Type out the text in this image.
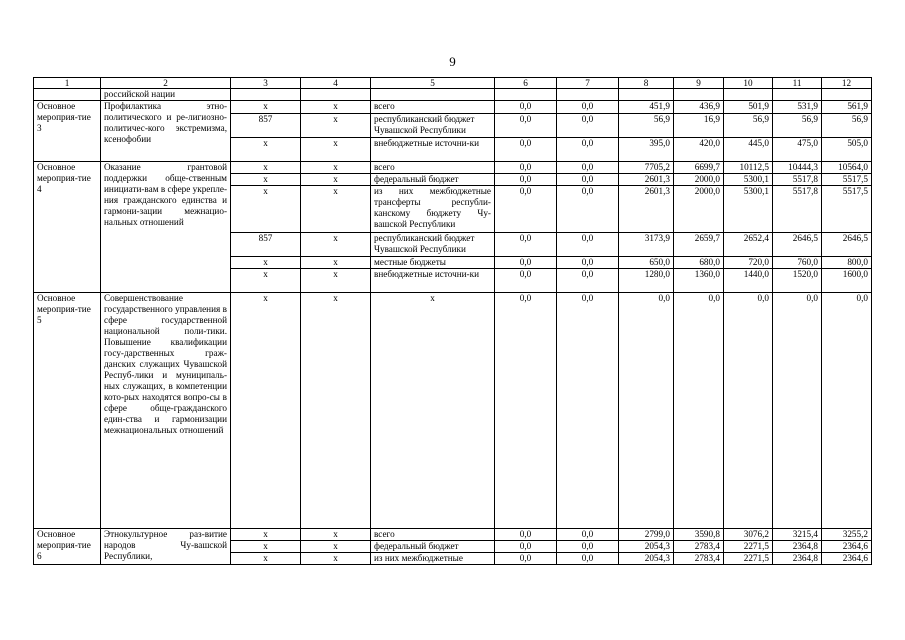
9
1	2	3	4	5	6	7	8	9	10	11	12
	российской нации										
Основное мероприя-тие 3	Профилактика этно-политического и ре-лигиозно-политичес-кого экстремизма, ксенофобии	х	х	всего	0,0	0,0	451,9	436,9	501,9	531,9	561,9
		857	х	республиканский бюджет Чувашской Республики	0,0	0,0	56,9	16,9	56,9	56,9	56,9
		х	х	внебюджетные источни-ки	0,0	0,0	395,0	420,0	445,0	475,0	505,0
Основное мероприя-тие 4	Оказание грантовой поддержки обще-ственным инициати-вам в сфере укрепле-ния гражданского единства и гармони-зации межнацио-нальных отношений	х	х	всего	0,0	0,0	7705,2	6699,7	10112,5	10444,3	10564,0
		х	х	федеральный бюджет	0,0	0,0	2601,3	2000,0	5300,1	5517,8	5517,5
		х	х	из них межбюджетные трансферты республи-канскому бюджету Чу-вашской Республики	0,0	0,0	2601,3	2000,0	5300,1	5517,8	5517,5
		857	х	республиканский бюджет Чувашской Республики	0,0	0,0	3173,9	2659,7	2652,4	2646,5	2646,5
		х	х	местные бюджеты	0,0	0,0	650,0	680,0	720,0	760,0	800,0
		х	х	внебюджетные источни-ки	0,0	0,0	1280,0	1360,0	1440,0	1520,0	1600,0
Основное мероприя-тие 5	Совершенствование государственного управления в сфере государственной национальной поли-тики. Повышение квалификации госу-дарственных граж-данских служащих Чувашской Респуб-лики и муниципаль-ных служащих, в компетенции кото-рых находятся вопро-сы в сфере обще-гражданского един-ства и гармонизации межнациональных отношений	х	х	х	0,0	0,0	0,0	0,0	0,0	0,0	0,0
Основное мероприя-тие 6	Этнокультурное раз-витие народов Чу-вашской Республики,	х	х	всего	0,0	0,0	2799,0	3590,8	3076,2	3215,4	3255,2
		х	х	федеральный бюджет	0,0	0,0	2054,3	2783,4	2271,5	2364,8	2364,6
		х	х	из них межбюджетные	0,0	0,0	2054,3	2783,4	2271,5	2364,8	2364,6
